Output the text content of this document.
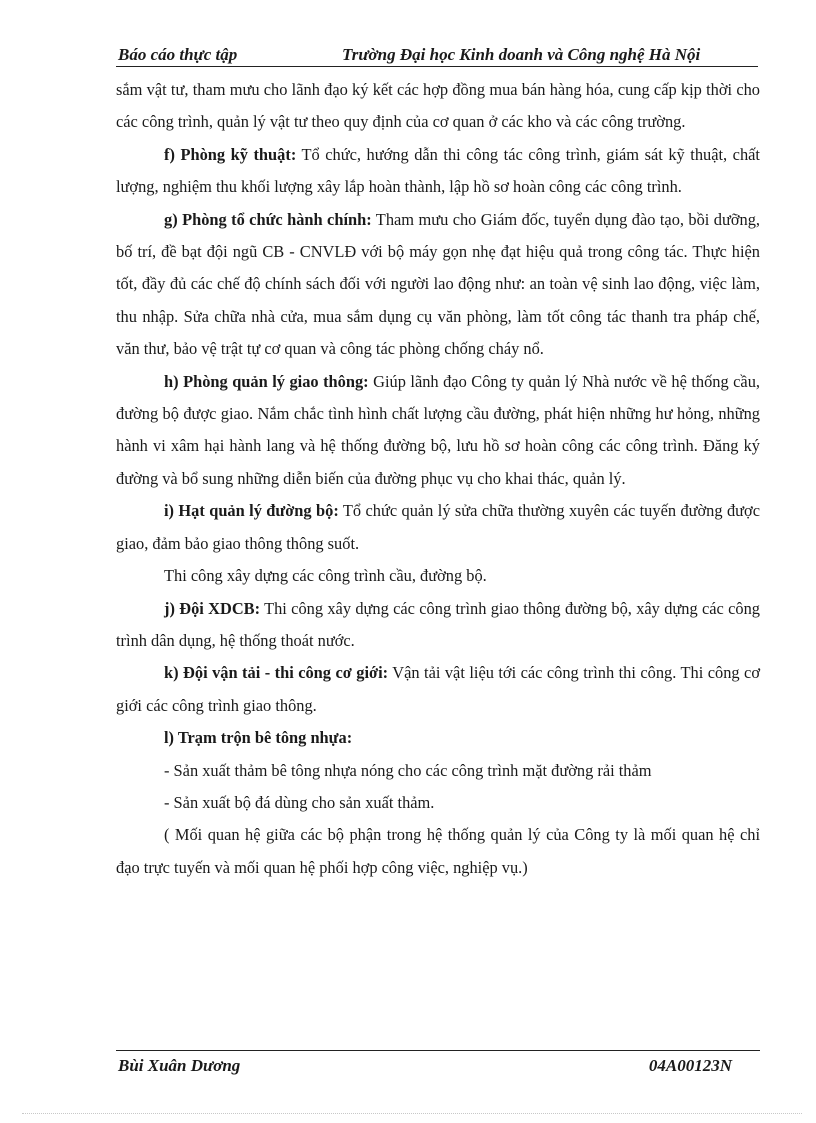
Báo cáo thực tập	Trường Đại học Kinh doanh và Công nghệ Hà Nội

sắm vật tư, tham mưu cho lãnh đạo ký kết các hợp đồng mua bán hàng hóa, cung cấp kịp thời cho các công trình, quản lý vật tư theo quy định của cơ quan ở các kho và các công trường.

f) Phòng kỹ thuật: Tổ chức, hướng dẫn thi công tác công trình, giám sát kỹ thuật, chất lượng, nghiệm thu khối lượng xây lắp hoàn thành, lập hồ sơ hoàn công các công trình.

g) Phòng tổ chức hành chính: Tham mưu cho Giám đốc, tuyển dụng đào tạo, bồi dưỡng, bố trí, đề bạt đội ngũ CB - CNVLĐ với bộ máy gọn nhẹ đạt hiệu quả trong công tác. Thực hiện tốt, đầy đủ các chế độ chính sách đối với người lao động như: an toàn vệ sinh lao động, việc làm, thu nhập. Sửa chữa nhà cửa, mua sắm dụng cụ văn phòng, làm tốt công tác thanh tra pháp chế, văn thư, bảo vệ trật tự cơ quan và công tác phòng chống cháy nổ.

h) Phòng quản lý giao thông: Giúp lãnh đạo Công ty quản lý Nhà nước về hệ thống cầu, đường bộ được giao. Nắm chắc tình hình chất lượng cầu đường, phát hiện những hư hỏng, những hành vi xâm hại hành lang và hệ thống đường bộ, lưu hồ sơ hoàn công các công trình. Đăng ký đường và bổ sung những diễn biến của đường phục vụ cho khai thác, quản lý.

i) Hạt quản lý đường bộ: Tổ chức quản lý sửa chữa thường xuyên các tuyến đường được giao, đảm bảo giao thông thông suốt.

Thi công xây dựng các công trình cầu, đường bộ.

j) Đội XDCB: Thi công xây dựng các công trình giao thông đường bộ, xây dựng các công trình dân dụng, hệ thống thoát nước.

k) Đội vận tải - thi công cơ giới: Vận tải vật liệu tới các công trình thi công. Thi công cơ giới các công trình giao thông.

l) Trạm trộn bê tông nhựa:

- Sản xuất thảm bê tông nhựa nóng cho các công trình mặt đường rải thảm

- Sản xuất bộ đá dùng cho sản xuất thảm.

( Mối quan hệ giữa các bộ phận trong hệ thống quản lý của Công ty là mối quan hệ chỉ đạo trực tuyến và mối quan hệ phối hợp công việc, nghiệp vụ.)

Bùi Xuân Dương	04A00123N
